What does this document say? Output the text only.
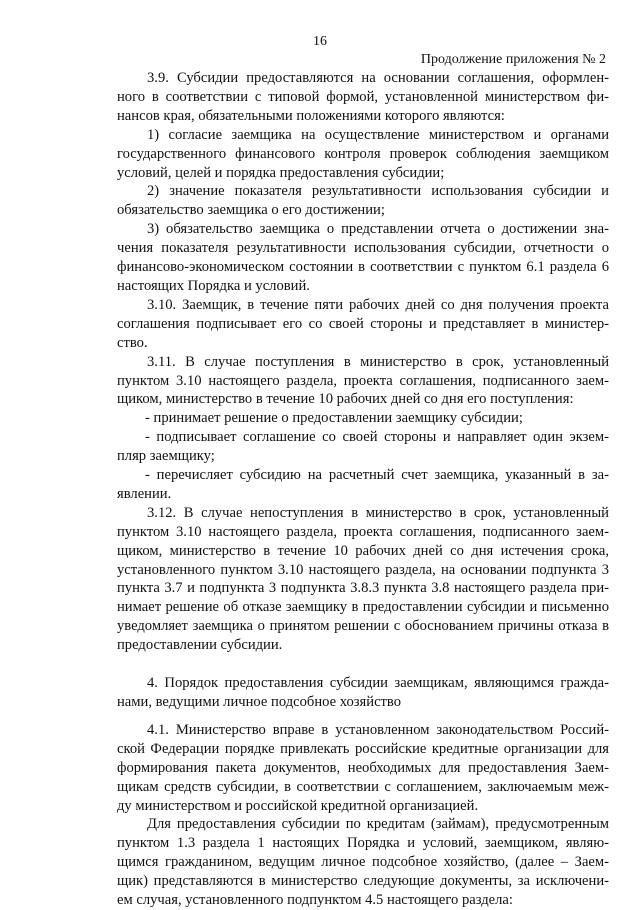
16
Продолжение приложения № 2
3.9. Субсидии предоставляются на основании соглашения, оформлен-
ного в соответствии с типовой формой, установленной министерством фи-
нансов края, обязательными положениями которого являются:
1) согласие заемщика на осуществление министерством и органами
государственного финансового контроля проверок соблюдения заемщиком
условий, целей и порядка предоставления субсидии;
2) значение показателя результативности использования субсидии и
обязательство заемщика о его достижении;
3) обязательство заемщика о представлении отчета о достижении зна-
чения показателя результативности использования субсидии, отчетности о
финансово-экономическом состоянии в соответствии с пунктом 6.1 раздела 6
настоящих Порядка и условий.
3.10. Заемщик, в течение пяти рабочих дней со дня получения проекта
соглашения подписывает его со своей стороны и представляет в министер-
ство.
3.11. В случае поступления в министерство в срок, установленный
пунктом 3.10 настоящего раздела, проекта соглашения, подписанного заем-
щиком, министерство в течение 10 рабочих дней со дня его поступления:
- принимает решение о предоставлении заемщику субсидии;
- подписывает соглашение со своей стороны и направляет один экзем-
пляр заемщику;
- перечисляет субсидию на расчетный счет заемщика, указанный в за-
явлении.
3.12. В случае непоступления в министерство в срок, установленный
пунктом 3.10 настоящего раздела, проекта соглашения, подписанного заем-
щиком, министерство в течение 10 рабочих дней со дня истечения срока,
установленного пунктом 3.10 настоящего раздела, на основании подпункта 3
пункта 3.7 и подпункта 3 подпункта 3.8.3 пункта 3.8 настоящего раздела при-
нимает решение об отказе заемщику в предоставлении субсидии и письменно
уведомляет заемщика о принятом решении с обоснованием причины отказа в
предоставлении субсидии.
4. Порядок предоставления субсидии заемщикам, являющимся гражда-
нами, ведущими личное подсобное хозяйство
4.1. Министерство вправе в установленном законодательством Россий-
ской Федерации порядке привлекать российские кредитные организации для
формирования пакета документов, необходимых для предоставления Заем-
щикам средств субсидии, в соответствии с соглашением, заключаемым меж-
ду министерством и российской кредитной организацией.
Для предоставления субсидии по кредитам (займам), предусмотренным
пунктом 1.3 раздела 1 настоящих Порядка и условий, заемщиком, являю-
щимся гражданином, ведущим личное подсобное хозяйство, (далее – Заем-
щик) представляются в министерство следующие документы, за исключени-
ем случая, установленного подпунктом 4.5 настоящего раздела:
